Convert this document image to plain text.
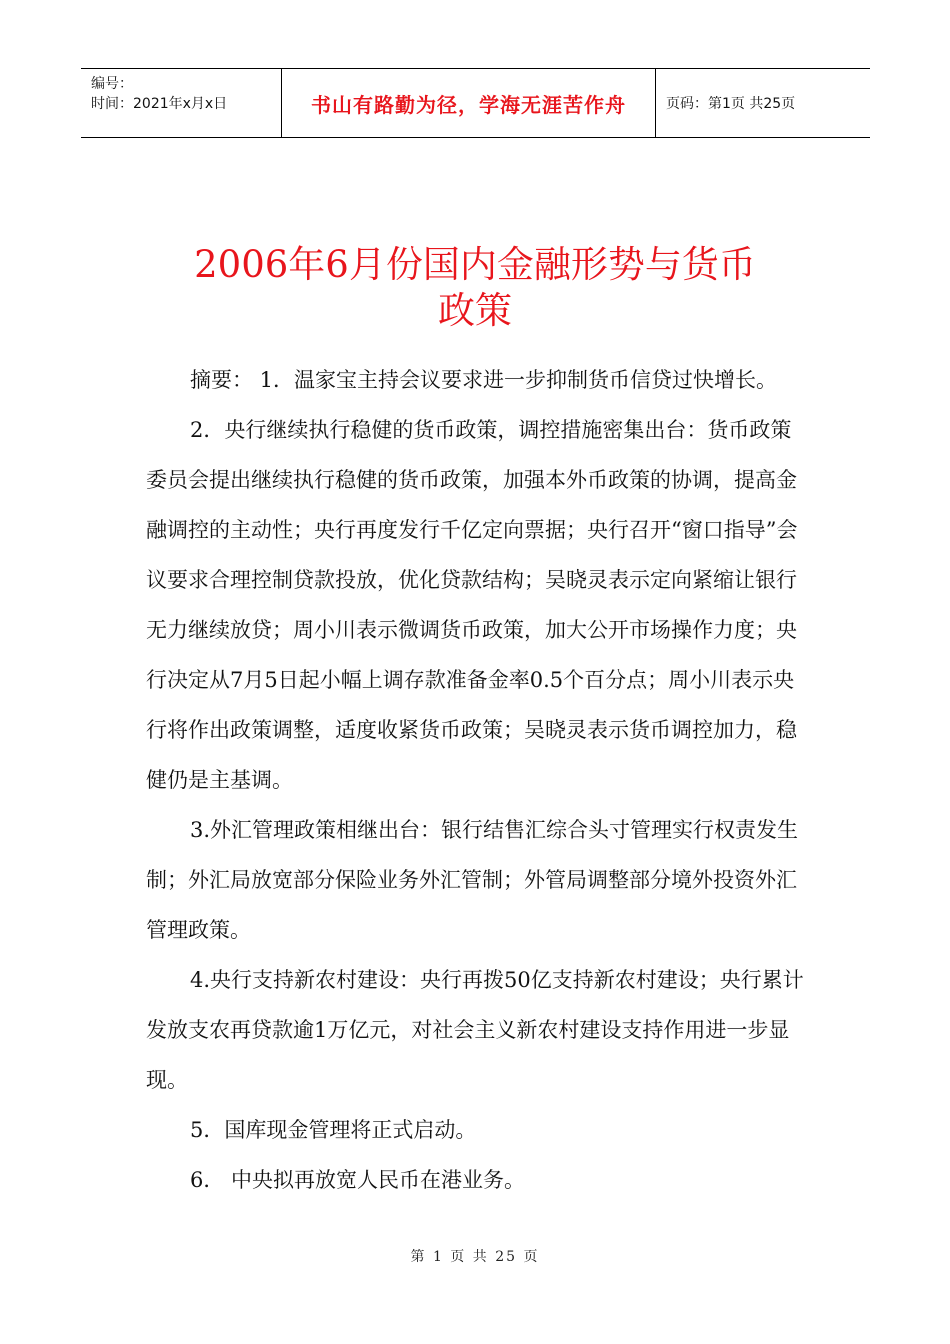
编号：
时间：2021年x月x日	书山有路勤为径，学海无涯苦作舟	页码：第1页 共25页
2006年6月份国内金融形势与货币
政策

摘要： 1．温家宝主持会议要求进一步抑制货币信贷过快增长。

2．央行继续执行稳健的货币政策，调控措施密集出台：货币政策委员会提出继续执行稳健的货币政策，加强本外币政策的协调，提高金融调控的主动性；央行再度发行千亿定向票据；央行召开“窗口指导”会议要求合理控制贷款投放，优化贷款结构；吴晓灵表示定向紧缩让银行无力继续放贷；周小川表示微调货币政策，加大公开市场操作力度；央行决定从7月5日起小幅上调存款准备金率0.5个百分点；周小川表示央行将作出政策调整，适度收紧货币政策；吴晓灵表示货币调控加力，稳健仍是主基调。

3.外汇管理政策相继出台：银行结售汇综合头寸管理实行权责发生制；外汇局放宽部分保险业务外汇管制；外管局调整部分境外投资外汇管理政策。

4.央行支持新农村建设：央行再拨50亿支持新农村建设；央行累计发放支农再贷款逾1万亿元，对社会主义新农村建设支持作用进一步显现。

5．国库现金管理将正式启动。

6． 中央拟再放宽人民币在港业务。

第 1 页 共 25 页
